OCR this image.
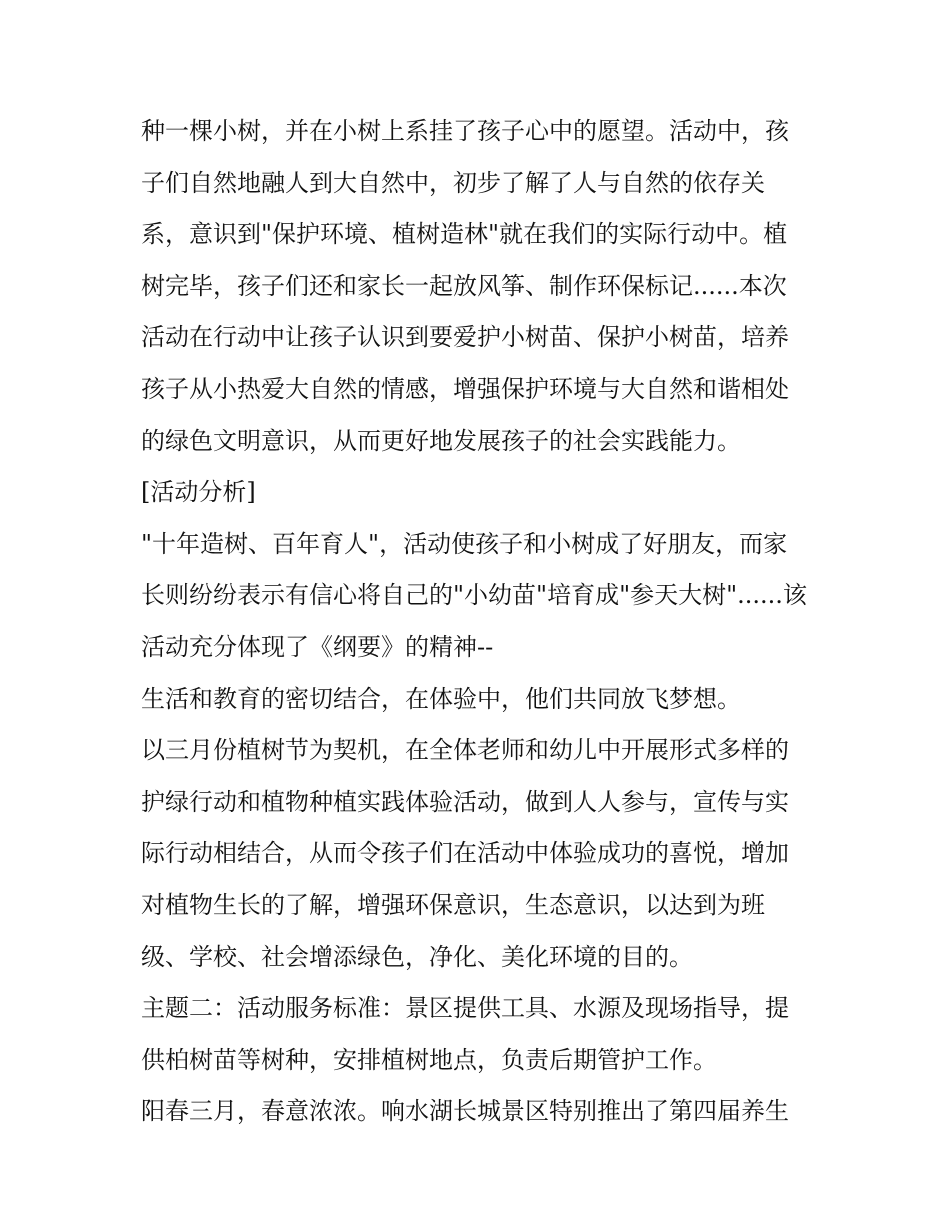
种一棵小树，并在小树上系挂了孩子心中的愿望。活动中，孩
子们自然地融人到大自然中，初步了解了人与自然的依存关
系，意识到"保护环境、植树造林"就在我们的实际行动中。植
树完毕，孩子们还和家长一起放风筝、制作环保标记......本次
活动在行动中让孩子认识到要爱护小树苗、保护小树苗，培养
孩子从小热爱大自然的情感，增强保护环境与大自然和谐相处
的绿色文明意识，从而更好地发展孩子的社会实践能力。
[活动分析]
"十年造树、百年育人"，活动使孩子和小树成了好朋友，而家
长则纷纷表示有信心将自己的"小幼苗"培育成"参天大树"......该
活动充分体现了《纲要》的精神--
生活和教育的密切结合，在体验中，他们共同放飞梦想。
以三月份植树节为契机，在全体老师和幼儿中开展形式多样的
护绿行动和植物种植实践体验活动，做到人人参与，宣传与实
际行动相结合，从而令孩子们在活动中体验成功的喜悦，增加
对植物生长的了解，增强环保意识，生态意识，以达到为班
级、学校、社会增添绿色，净化、美化环境的目的。
主题二：活动服务标准：景区提供工具、水源及现场指导，提
供柏树苗等树种，安排植树地点，负责后期管护工作。
阳春三月，春意浓浓。响水湖长城景区特别推出了第四届养生
